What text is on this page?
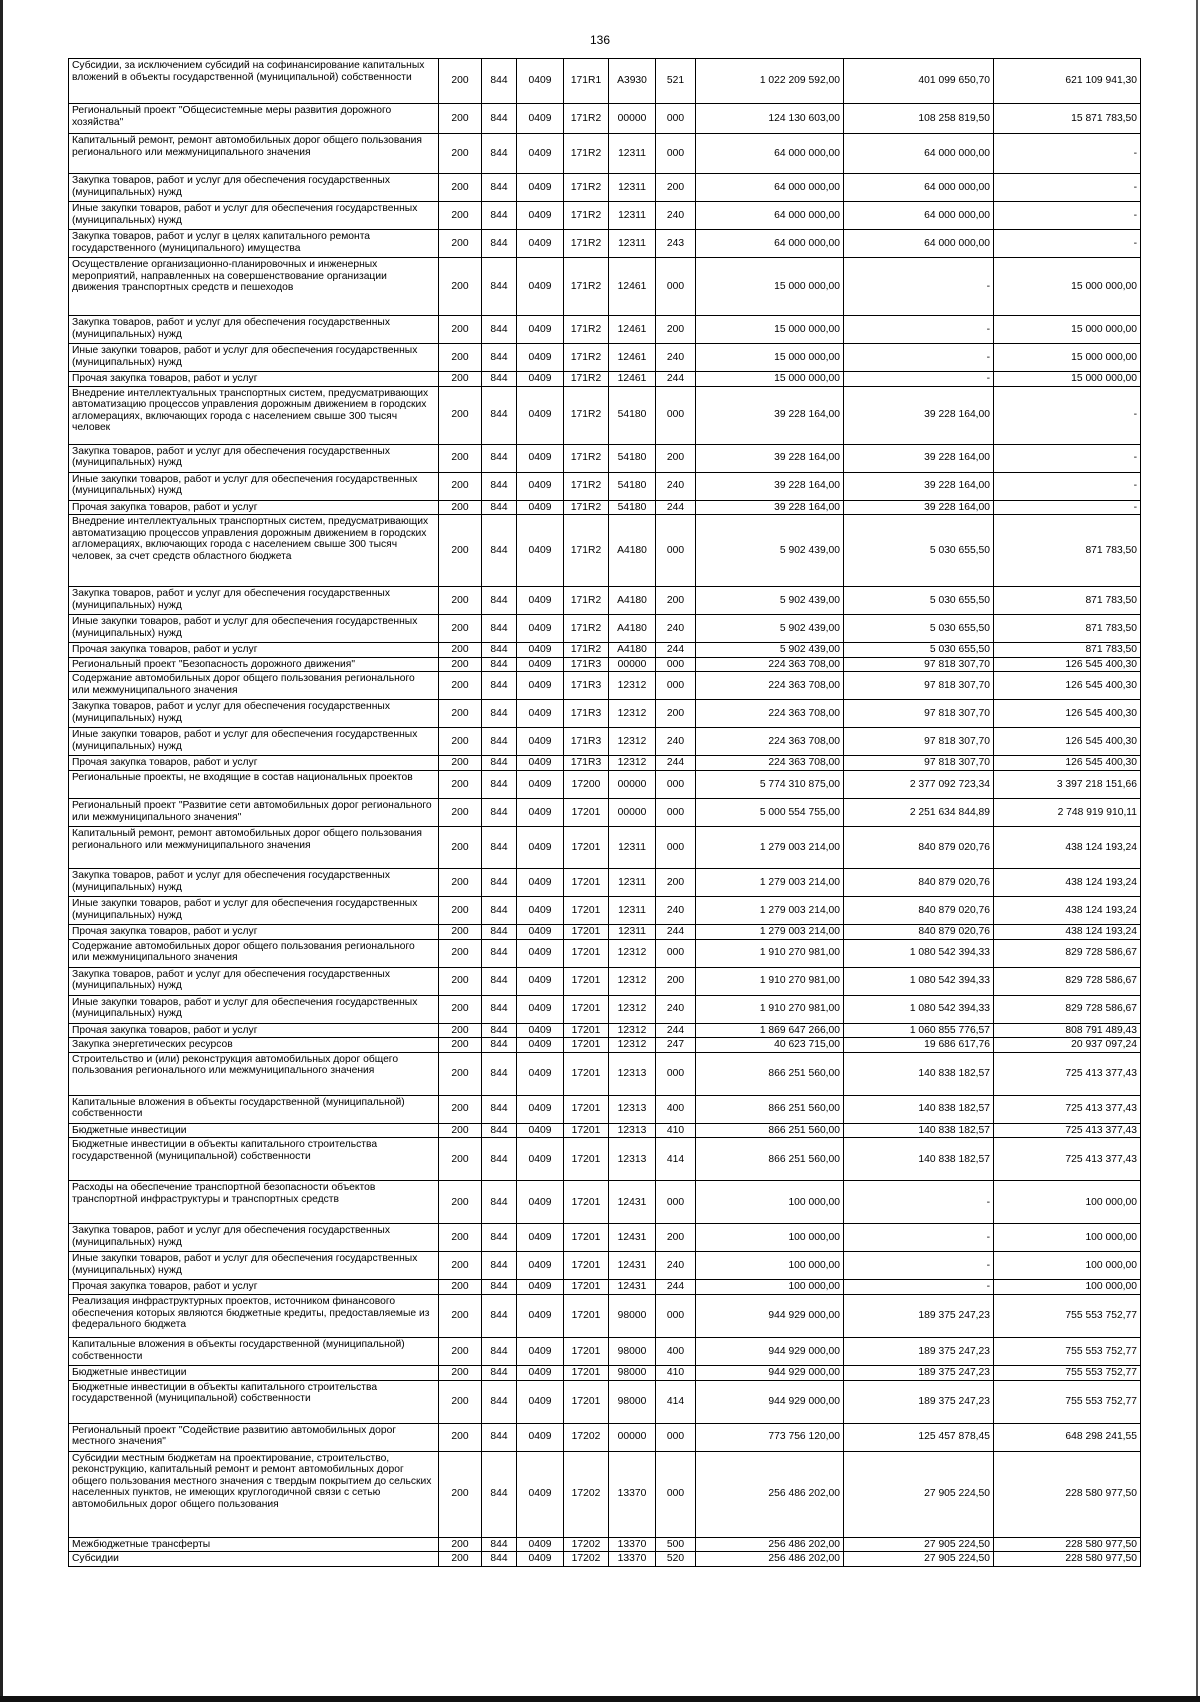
136
Субсидии, за исключением субсидий на софинансирование капитальных вложений в объекты государственной (муниципальной) собственности	200	844	0409	171R1	А3930	521	1 022 209 592,00	401 099 650,70	621 109 941,30
Региональный проект "Общесистемные меры развития дорожного хозяйства"	200	844	0409	171R2	00000	000	124 130 603,00	108 258 819,50	15 871 783,50
Капитальный ремонт, ремонт автомобильных дорог общего пользования регионального или межмуниципального значения	200	844	0409	171R2	12311	000	64 000 000,00	64 000 000,00	-
Закупка товаров, работ и услуг для обеспечения государственных (муниципальных) нужд	200	844	0409	171R2	12311	200	64 000 000,00	64 000 000,00	-
Иные закупки товаров, работ и услуг для обеспечения государственных (муниципальных) нужд	200	844	0409	171R2	12311	240	64 000 000,00	64 000 000,00	-
Закупка товаров, работ и услуг в целях капитального ремонта государственного (муниципального) имущества	200	844	0409	171R2	12311	243	64 000 000,00	64 000 000,00	-
Осуществление организационно-планировочных и инженерных мероприятий, направленных на совершенствование организации движения транспортных средств и пешеходов	200	844	0409	171R2	12461	000	15 000 000,00	-	15 000 000,00
Закупка товаров, работ и услуг для обеспечения государственных (муниципальных) нужд	200	844	0409	171R2	12461	200	15 000 000,00	-	15 000 000,00
Иные закупки товаров, работ и услуг для обеспечения государственных (муниципальных) нужд	200	844	0409	171R2	12461	240	15 000 000,00	-	15 000 000,00
Прочая закупка товаров, работ и услуг	200	844	0409	171R2	12461	244	15 000 000,00	-	15 000 000,00
Внедрение интеллектуальных транспортных систем, предусматривающих автоматизацию процессов управления дорожным движением в городских агломерациях, включающих города с населением свыше 300 тысяч человек	200	844	0409	171R2	54180	000	39 228 164,00	39 228 164,00	-
Закупка товаров, работ и услуг для обеспечения государственных (муниципальных) нужд	200	844	0409	171R2	54180	200	39 228 164,00	39 228 164,00	-
Иные закупки товаров, работ и услуг для обеспечения государственных (муниципальных) нужд	200	844	0409	171R2	54180	240	39 228 164,00	39 228 164,00	-
Прочая закупка товаров, работ и услуг	200	844	0409	171R2	54180	244	39 228 164,00	39 228 164,00	-
Внедрение интеллектуальных транспортных систем, предусматривающих автоматизацию процессов управления дорожным движением в городских агломерациях, включающих города с населением свыше 300 тысяч человек, за счет средств областного бюджета	200	844	0409	171R2	А4180	000	5 902 439,00	5 030 655,50	871 783,50
Закупка товаров, работ и услуг для обеспечения государственных (муниципальных) нужд	200	844	0409	171R2	А4180	200	5 902 439,00	5 030 655,50	871 783,50
Иные закупки товаров, работ и услуг для обеспечения государственных (муниципальных) нужд	200	844	0409	171R2	А4180	240	5 902 439,00	5 030 655,50	871 783,50
Прочая закупка товаров, работ и услуг	200	844	0409	171R2	А4180	244	5 902 439,00	5 030 655,50	871 783,50
Региональный проект "Безопасность дорожного движения"	200	844	0409	171R3	00000	000	224 363 708,00	97 818 307,70	126 545 400,30
Содержание автомобильных дорог общего пользования регионального или межмуниципального значения	200	844	0409	171R3	12312	000	224 363 708,00	97 818 307,70	126 545 400,30
Закупка товаров, работ и услуг для обеспечения государственных (муниципальных) нужд	200	844	0409	171R3	12312	200	224 363 708,00	97 818 307,70	126 545 400,30
Иные закупки товаров, работ и услуг для обеспечения государственных (муниципальных) нужд	200	844	0409	171R3	12312	240	224 363 708,00	97 818 307,70	126 545 400,30
Прочая закупка товаров, работ и услуг	200	844	0409	171R3	12312	244	224 363 708,00	97 818 307,70	126 545 400,30
Региональные проекты, не входящие в состав национальных проектов	200	844	0409	17200	00000	000	5 774 310 875,00	2 377 092 723,34	3 397 218 151,66
Региональный проект "Развитие сети автомобильных дорог регионального или межмуниципального значения"	200	844	0409	17201	00000	000	5 000 554 755,00	2 251 634 844,89	2 748 919 910,11
Капитальный ремонт, ремонт автомобильных дорог общего пользования регионального или межмуниципального значения	200	844	0409	17201	12311	000	1 279 003 214,00	840 879 020,76	438 124 193,24
Закупка товаров, работ и услуг для обеспечения государственных (муниципальных) нужд	200	844	0409	17201	12311	200	1 279 003 214,00	840 879 020,76	438 124 193,24
Иные закупки товаров, работ и услуг для обеспечения государственных (муниципальных) нужд	200	844	0409	17201	12311	240	1 279 003 214,00	840 879 020,76	438 124 193,24
Прочая закупка товаров, работ и услуг	200	844	0409	17201	12311	244	1 279 003 214,00	840 879 020,76	438 124 193,24
Содержание автомобильных дорог общего пользования регионального или межмуниципального значения	200	844	0409	17201	12312	000	1 910 270 981,00	1 080 542 394,33	829 728 586,67
Закупка товаров, работ и услуг для обеспечения государственных (муниципальных) нужд	200	844	0409	17201	12312	200	1 910 270 981,00	1 080 542 394,33	829 728 586,67
Иные закупки товаров, работ и услуг для обеспечения государственных (муниципальных) нужд	200	844	0409	17201	12312	240	1 910 270 981,00	1 080 542 394,33	829 728 586,67
Прочая закупка товаров, работ и услуг	200	844	0409	17201	12312	244	1 869 647 266,00	1 060 855 776,57	808 791 489,43
Закупка энергетических ресурсов	200	844	0409	17201	12312	247	40 623 715,00	19 686 617,76	20 937 097,24
Строительство и (или) реконструкция автомобильных дорог общего пользования регионального или межмуниципального значения	200	844	0409	17201	12313	000	866 251 560,00	140 838 182,57	725 413 377,43
Капитальные вложения в объекты государственной (муниципальной) собственности	200	844	0409	17201	12313	400	866 251 560,00	140 838 182,57	725 413 377,43
Бюджетные инвестиции	200	844	0409	17201	12313	410	866 251 560,00	140 838 182,57	725 413 377,43
Бюджетные инвестиции в объекты капитального строительства государственной (муниципальной) собственности	200	844	0409	17201	12313	414	866 251 560,00	140 838 182,57	725 413 377,43
Расходы на обеспечение транспортной безопасности объектов транспортной инфраструктуры и транспортных средств	200	844	0409	17201	12431	000	100 000,00	-	100 000,00
Закупка товаров, работ и услуг для обеспечения государственных (муниципальных) нужд	200	844	0409	17201	12431	200	100 000,00	-	100 000,00
Иные закупки товаров, работ и услуг для обеспечения государственных (муниципальных) нужд	200	844	0409	17201	12431	240	100 000,00	-	100 000,00
Прочая закупка товаров, работ и услуг	200	844	0409	17201	12431	244	100 000,00	-	100 000,00
Реализация инфраструктурных проектов, источником финансового обеспечения которых являются бюджетные кредиты, предоставляемые из федерального бюджета	200	844	0409	17201	98000	000	944 929 000,00	189 375 247,23	755 553 752,77
Капитальные вложения в объекты государственной (муниципальной) собственности	200	844	0409	17201	98000	400	944 929 000,00	189 375 247,23	755 553 752,77
Бюджетные инвестиции	200	844	0409	17201	98000	410	944 929 000,00	189 375 247,23	755 553 752,77
Бюджетные инвестиции в объекты капитального строительства государственной (муниципальной) собственности	200	844	0409	17201	98000	414	944 929 000,00	189 375 247,23	755 553 752,77
Региональный проект "Содействие развитию автомобильных дорог местного значения"	200	844	0409	17202	00000	000	773 756 120,00	125 457 878,45	648 298 241,55
Субсидии местным бюджетам на проектирование, строительство, реконструкцию, капитальный ремонт и ремонт автомобильных дорог общего пользования местного значения с твердым покрытием до сельских населенных пунктов, не имеющих круглогодичной связи с сетью автомобильных дорог общего пользования	200	844	0409	17202	13370	000	256 486 202,00	27 905 224,50	228 580 977,50
Межбюджетные трансферты	200	844	0409	17202	13370	500	256 486 202,00	27 905 224,50	228 580 977,50
Субсидии	200	844	0409	17202	13370	520	256 486 202,00	27 905 224,50	228 580 977,50
